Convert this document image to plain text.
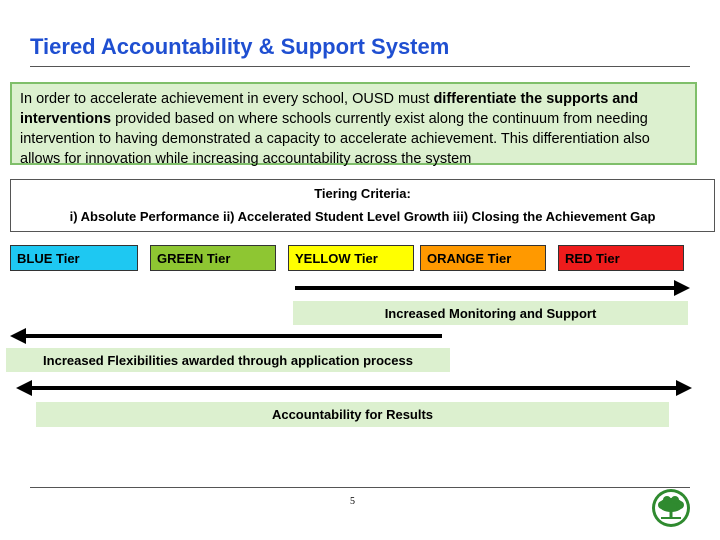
Tiered Accountability & Support System
In order to accelerate achievement in every school, OUSD must differentiate the supports and interventions provided based on where schools currently exist along the continuum from needing intervention to having demonstrated a capacity to accelerate achievement. This differentiation also allows for innovation while increasing accountability across the system
Tiering Criteria:
i) Absolute Performance ii) Accelerated Student Level Growth iii) Closing the Achievement Gap
BLUE Tier	GREEN Tier	YELLOW Tier	ORANGE Tier	RED Tier
Increased Monitoring and Support
Increased Flexibilities awarded through application process
Accountability for Results
5
